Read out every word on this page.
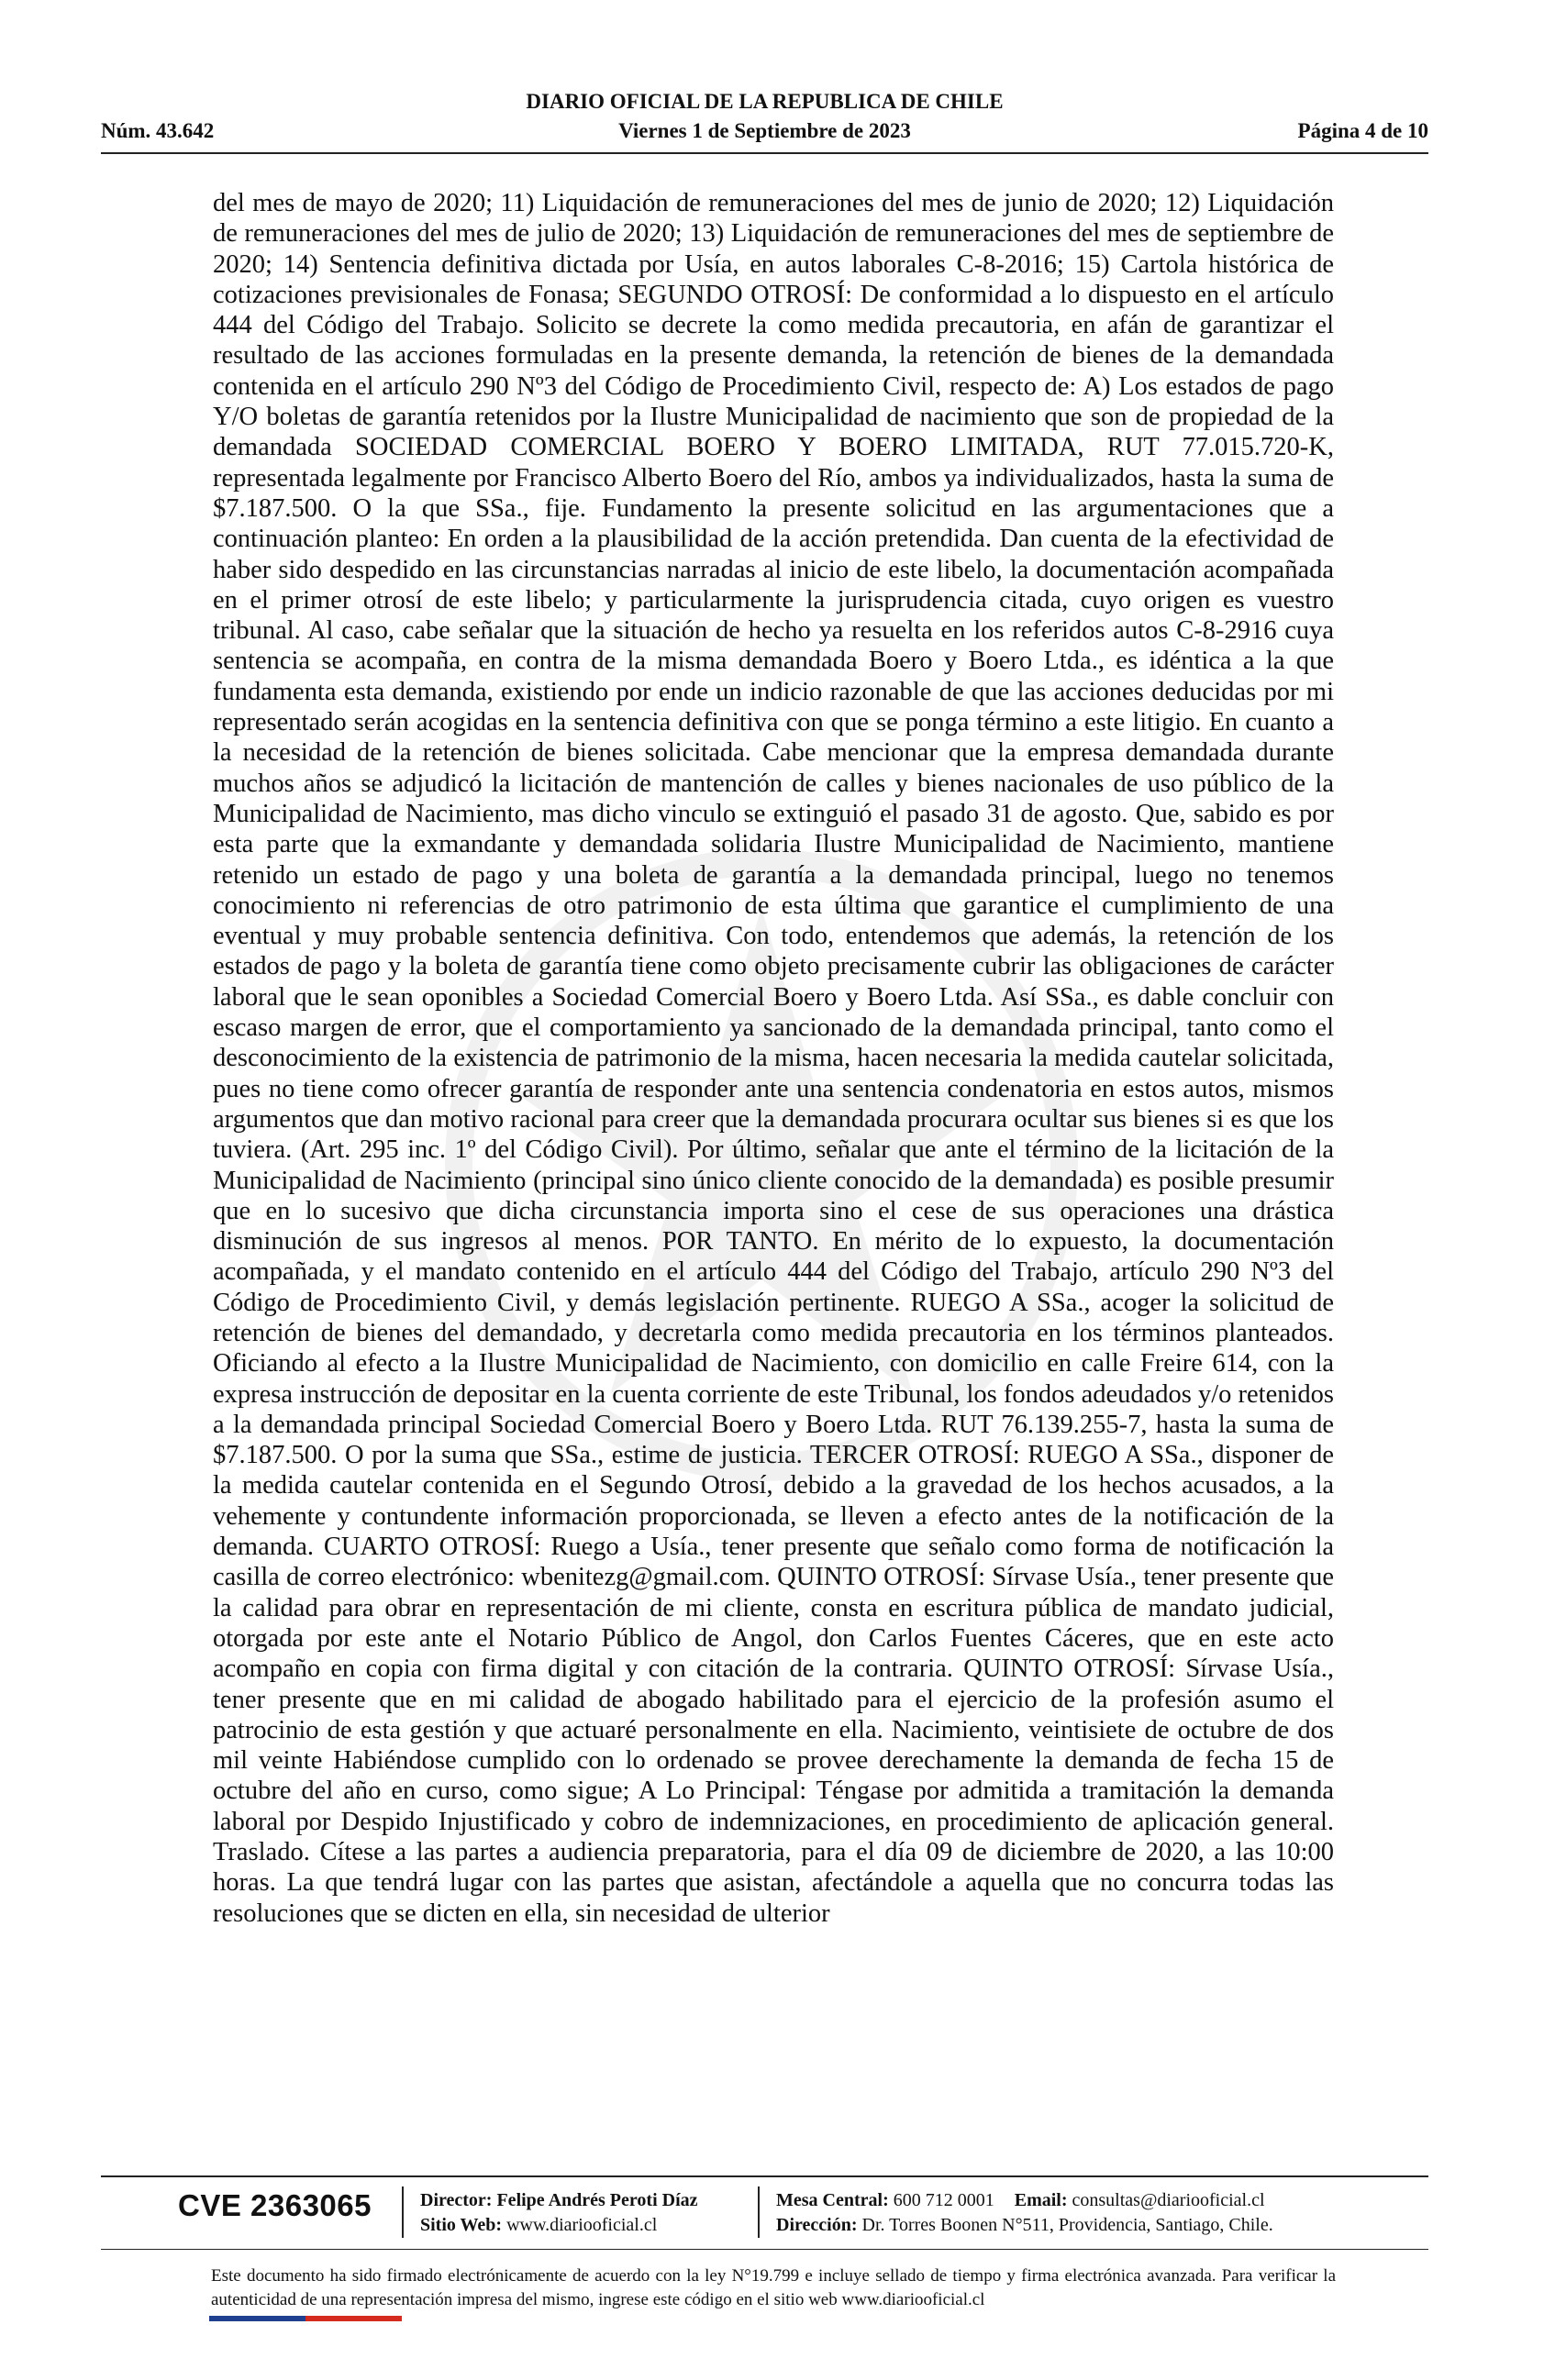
DIARIO OFICIAL DE LA REPUBLICA DE CHILE
Núm. 43.642	Viernes 1 de Septiembre de 2023	Página 4 de 10

del mes de mayo de 2020; 11) Liquidación de remuneraciones del mes de junio de 2020; 12) Liquidación de remuneraciones del mes de julio de 2020; 13) Liquidación de remuneraciones del mes de septiembre de 2020; 14) Sentencia definitiva dictada por Usía, en autos laborales C-8-2016; 15) Cartola histórica de cotizaciones previsionales de Fonasa; SEGUNDO OTROSÍ: De conformidad a lo dispuesto en el artículo 444 del Código del Trabajo. Solicito se decrete la como medida precautoria, en afán de garantizar el resultado de las acciones formuladas en la presente demanda, la retención de bienes de la demandada contenida en el artículo 290 Nº3 del Código de Procedimiento Civil, respecto de: A) Los estados de pago Y/O boletas de garantía retenidos por la Ilustre Municipalidad de nacimiento que son de propiedad de la demandada SOCIEDAD COMERCIAL BOERO Y BOERO LIMITADA, RUT 77.015.720-K, representada legalmente por Francisco Alberto Boero del Río, ambos ya individualizados, hasta la suma de $7.187.500. O la que SSa., fije. Fundamento la presente solicitud en las argumentaciones que a continuación planteo: En orden a la plausibilidad de la acción pretendida. Dan cuenta de la efectividad de haber sido despedido en las circunstancias narradas al inicio de este libelo, la documentación acompañada en el primer otrosí de este libelo; y particularmente la jurisprudencia citada, cuyo origen es vuestro tribunal. Al caso, cabe señalar que la situación de hecho ya resuelta en los referidos autos C-8-2916 cuya sentencia se acompaña, en contra de la misma demandada Boero y Boero Ltda., es idéntica a la que fundamenta esta demanda, existiendo por ende un indicio razonable de que las acciones deducidas por mi representado serán acogidas en la sentencia definitiva con que se ponga término a este litigio. En cuanto a la necesidad de la retención de bienes solicitada. Cabe mencionar que la empresa demandada durante muchos años se adjudicó la licitación de mantención de calles y bienes nacionales de uso público de la Municipalidad de Nacimiento, mas dicho vinculo se extinguió el pasado 31 de agosto. Que, sabido es por esta parte que la exmandante y demandada solidaria Ilustre Municipalidad de Nacimiento, mantiene retenido un estado de pago y una boleta de garantía a la demandada principal, luego no tenemos conocimiento ni referencias de otro patrimonio de esta última que garantice el cumplimiento de una eventual y muy probable sentencia definitiva. Con todo, entendemos que además, la retención de los estados de pago y la boleta de garantía tiene como objeto precisamente cubrir las obligaciones de carácter laboral que le sean oponibles a Sociedad Comercial Boero y Boero Ltda. Así SSa., es dable concluir con escaso margen de error, que el comportamiento ya sancionado de la demandada principal, tanto como el desconocimiento de la existencia de patrimonio de la misma, hacen necesaria la medida cautelar solicitada, pues no tiene como ofrecer garantía de responder ante una sentencia condenatoria en estos autos, mismos argumentos que dan motivo racional para creer que la demandada procurara ocultar sus bienes si es que los tuviera. (Art. 295 inc. 1º del Código Civil). Por último, señalar que ante el término de la licitación de la Municipalidad de Nacimiento (principal sino único cliente conocido de la demandada) es posible presumir que en lo sucesivo que dicha circunstancia importa sino el cese de sus operaciones una drástica disminución de sus ingresos al menos. POR TANTO. En mérito de lo expuesto, la documentación acompañada, y el mandato contenido en el artículo 444 del Código del Trabajo, artículo 290 Nº3 del Código de Procedimiento Civil, y demás legislación pertinente. RUEGO A SSa., acoger la solicitud de retención de bienes del demandado, y decretarla como medida precautoria en los términos planteados. Oficiando al efecto a la Ilustre Municipalidad de Nacimiento, con domicilio en calle Freire 614, con la expresa instrucción de depositar en la cuenta corriente de este Tribunal, los fondos adeudados y/o retenidos a la demandada principal Sociedad Comercial Boero y Boero Ltda. RUT 76.139.255-7, hasta la suma de $7.187.500. O por la suma que SSa., estime de justicia. TERCER OTROSÍ: RUEGO A SSa., disponer de la medida cautelar contenida en el Segundo Otrosí, debido a la gravedad de los hechos acusados, a la vehemente y contundente información proporcionada, se lleven a efecto antes de la notificación de la demanda. CUARTO OTROSÍ: Ruego a Usía., tener presente que señalo como forma de notificación la casilla de correo electrónico: wbenitezg@gmail.com. QUINTO OTROSÍ: Sírvase Usía., tener presente que la calidad para obrar en representación de mi cliente, consta en escritura pública de mandato judicial, otorgada por este ante el Notario Público de Angol, don Carlos Fuentes Cáceres, que en este acto acompaño en copia con firma digital y con citación de la contraria. QUINTO OTROSÍ: Sírvase Usía., tener presente que en mi calidad de abogado habilitado para el ejercicio de la profesión asumo el patrocinio de esta gestión y que actuaré personalmente en ella. Nacimiento, veintisiete de octubre de dos mil veinte Habiéndose cumplido con lo ordenado se provee derechamente la demanda de fecha 15 de octubre del año en curso, como sigue; A Lo Principal: Téngase por admitida a tramitación la demanda laboral por Despido Injustificado y cobro de indemnizaciones, en procedimiento de aplicación general. Traslado. Cítese a las partes a audiencia preparatoria, para el día 09 de diciembre de 2020, a las 10:00 horas. La que tendrá lugar con las partes que asistan, afectándole a aquella que no concurra todas las resoluciones que se dicten en ella, sin necesidad de ulterior

CVE 2363065	Director: Felipe Andrés Peroti Díaz
Sitio Web: www.diariooficial.cl
Mesa Central: 600 712 0001 Email: consultas@diariooficial.cl
Dirección: Dr. Torres Boonen N°511, Providencia, Santiago, Chile.

Este documento ha sido firmado electrónicamente de acuerdo con la ley N°19.799 e incluye sellado de tiempo y firma electrónica avanzada. Para verificar la autenticidad de una representación impresa del mismo, ingrese este código en el sitio web www.diariooficial.cl
